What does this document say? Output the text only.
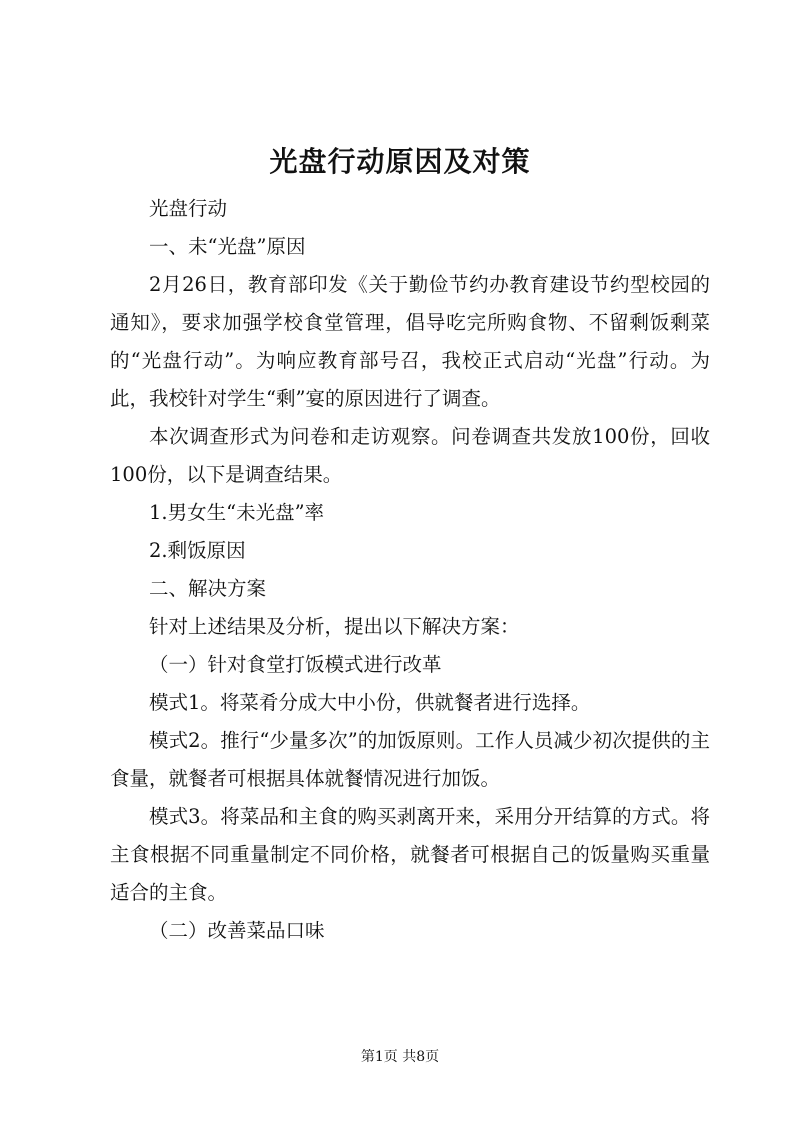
光盘行动原因及对策

光盘行动

一、未“光盘”原因

2月26日，教育部印发《关于勤俭节约办教育建设节约型校园的通知》，要求加强学校食堂管理，倡导吃完所购食物、不留剩饭剩菜的“光盘行动”。为响应教育部号召，我校正式启动“光盘”行动。为此，我校针对学生“剩”宴的原因进行了调查。

本次调查形式为问卷和走访观察。问卷调查共发放100份，回收100份，以下是调查结果。

1.男女生“未光盘”率

2.剩饭原因

二、解决方案

针对上述结果及分析，提出以下解决方案：

（一）针对食堂打饭模式进行改革

模式1。将菜肴分成大中小份，供就餐者进行选择。

模式2。推行“少量多次”的加饭原则。工作人员减少初次提供的主食量，就餐者可根据具体就餐情况进行加饭。

模式3。将菜品和主食的购买剥离开来，采用分开结算的方式。将主食根据不同重量制定不同价格，就餐者可根据自己的饭量购买重量适合的主食。

（二）改善菜品口味

第1页 共8页
